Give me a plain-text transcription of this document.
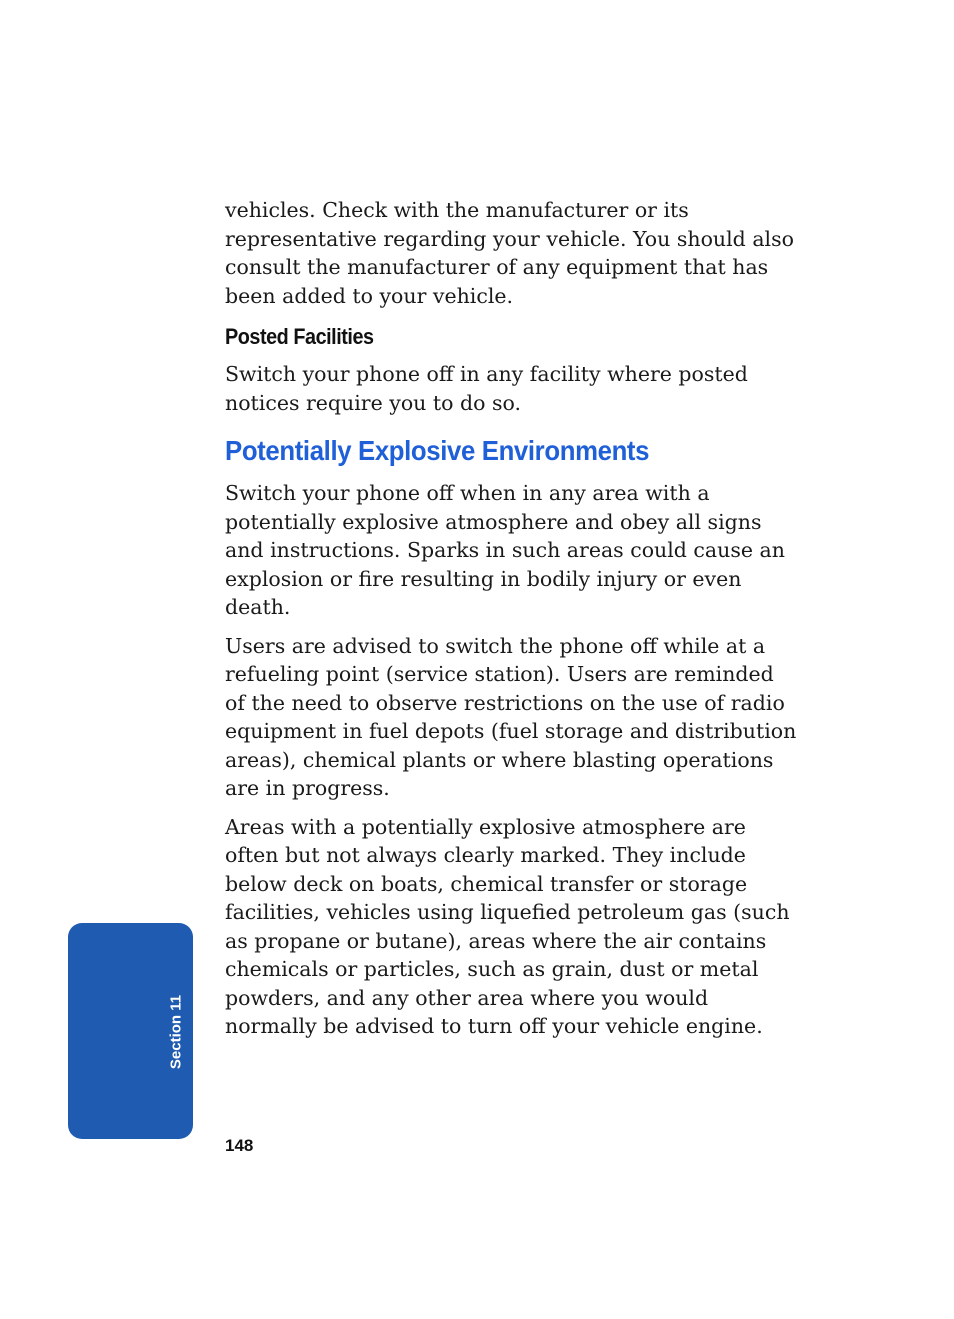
vehicles. Check with the manufacturer or its representative regarding your vehicle. You should also consult the manufacturer of any equipment that has been added to your vehicle.

Posted Facilities

Switch your phone off in any facility where posted notices require you to do so.

Potentially Explosive Environments

Switch your phone off when in any area with a potentially explosive atmosphere and obey all signs and instructions. Sparks in such areas could cause an explosion or fire resulting in bodily injury or even death.

Users are advised to switch the phone off while at a refueling point (service station). Users are reminded of the need to observe restrictions on the use of radio equipment in fuel depots (fuel storage and distribution areas), chemical plants or where blasting operations are in progress.

Areas with a potentially explosive atmosphere are often but not always clearly marked. They include below deck on boats, chemical transfer or storage facilities, vehicles using liquefied petroleum gas (such as propane or butane), areas where the air contains chemicals or particles, such as grain, dust or metal powders, and any other area where you would normally be advised to turn off your vehicle engine.

Section 11
148
